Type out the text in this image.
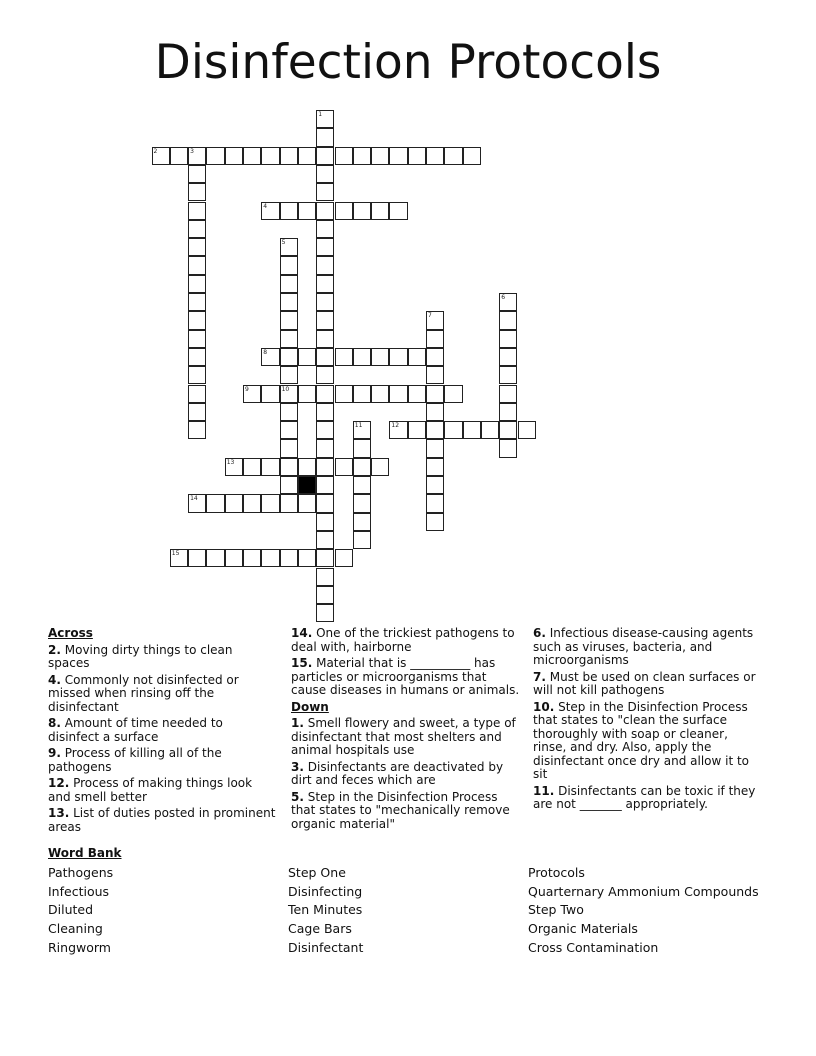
Disinfection Protocols
1
2	3
4
5
10
6
7
8
9
11	12
13
14
15
Across
2. Moving dirty things to clean spaces
4. Commonly not disinfected or missed when rinsing off the disinfectant
8. Amount of time needed to disinfect a surface
9. Process of killing all of the pathogens
12. Process of making things look and smell better
13. List of duties posted in prominent areas
14. One of the trickiest pathogens to deal with, hairborne
15. Material that is __________ has particles or microorganisms that cause diseases in humans or animals.
Down
1. Smell flowery and sweet, a type of disinfectant that most shelters and animal hospitals use
3. Disinfectants are deactivated by dirt and feces which are
5. Step in the Disinfection Process that states to "mechanically remove organic material"
6. Infectious disease-causing agents such as viruses, bacteria, and microorganisms
7. Must be used on clean surfaces or will not kill pathogens
10. Step in the Disinfection Process that states to "clean the surface thoroughly with soap or cleaner, rinse, and dry. Also, apply the disinfectant once dry and allow it to sit
11. Disinfectants can be toxic if they are not _______ appropriately.
Word Bank
Pathogens
Infectious
Diluted
Cleaning
Ringworm
Step One
Disinfecting
Ten Minutes
Cage Bars
Disinfectant
Protocols
Quarternary Ammonium Compounds
Step Two
Organic Materials
Cross Contamination
